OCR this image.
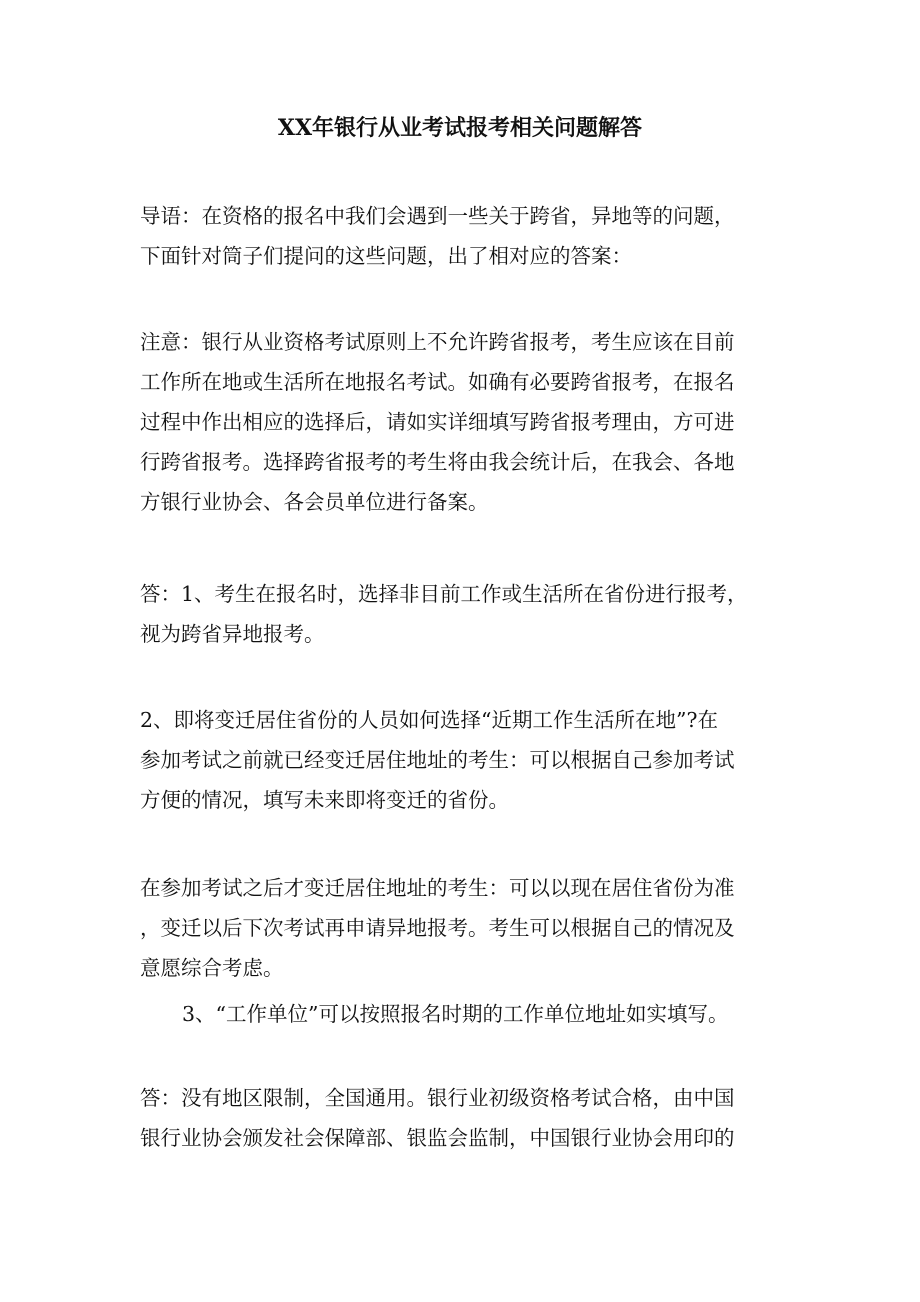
XX年银行从业考试报考相关问题解答

导语：在资格的报名中我们会遇到一些关于跨省，异地等的问题，
下面针对筒子们提问的这些问题，出了相对应的答案：

注意：银行从业资格考试原则上不允许跨省报考，考生应该在目前
工作所在地或生活所在地报名考试。如确有必要跨省报考，在报名
过程中作出相应的选择后，请如实详细填写跨省报考理由，方可进
行跨省报考。选择跨省报考的考生将由我会统计后，在我会、各地
方银行业协会、各会员单位进行备案。

答：1、考生在报名时，选择非目前工作或生活所在省份进行报考，
视为跨省异地报考。

2、即将变迁居住省份的人员如何选择“近期工作生活所在地”?在
参加考试之前就已经变迁居住地址的考生：可以根据自己参加考试
方便的情况，填写未来即将变迁的省份。

在参加考试之后才变迁居住地址的考生：可以以现在居住省份为准
，变迁以后下次考试再申请异地报考。考生可以根据自己的情况及
意愿综合考虑。

3、“工作单位”可以按照报名时期的工作单位地址如实填写。

答：没有地区限制，全国通用。银行业初级资格考试合格，由中国
银行业协会颁发社会保障部、银监会监制，中国银行业协会用印的
